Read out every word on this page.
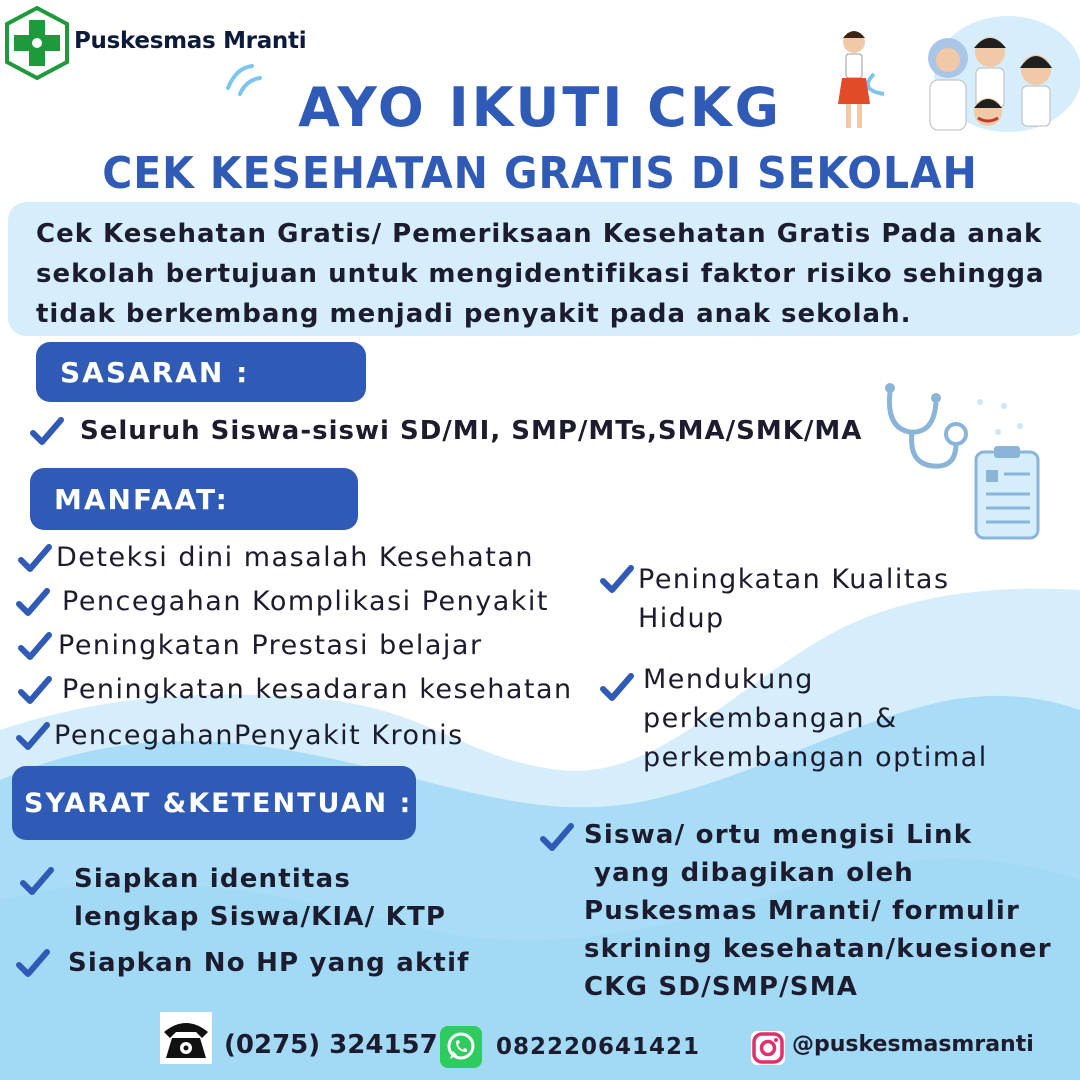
Puskesmas Mranti
AYO IKUTI CKG
CEK KESEHATAN GRATIS DI SEKOLAH
Cek Kesehatan Gratis/ Pemeriksaan Kesehatan Gratis Pada anak
sekolah bertujuan untuk mengidentifikasi faktor risiko sehingga
tidak berkembang menjadi penyakit pada anak sekolah.
SASARAN :
Seluruh Siswa-siswi SD/MI, SMP/MTs,SMA/SMK/MA
MANFAAT:
Deteksi dini masalah Kesehatan
Pencegahan Komplikasi Penyakit
Peningkatan Prestasi belajar
Peningkatan kesadaran kesehatan
PencegahanPenyakit Kronis
Peningkatan Kualitas
Hidup
Mendukung
perkembangan &
perkembangan optimal
SYARAT &KETENTUAN :
Siapkan identitas
lengkap Siswa/KIA/ KTP
Siapkan No HP yang aktif
Siswa/ ortu mengisi Link
yang dibagikan oleh
Puskesmas Mranti/ formulir
skrining kesehatan/kuesioner
CKG SD/SMP/SMA
(0275) 324157	082220641421	@puskesmasmranti
